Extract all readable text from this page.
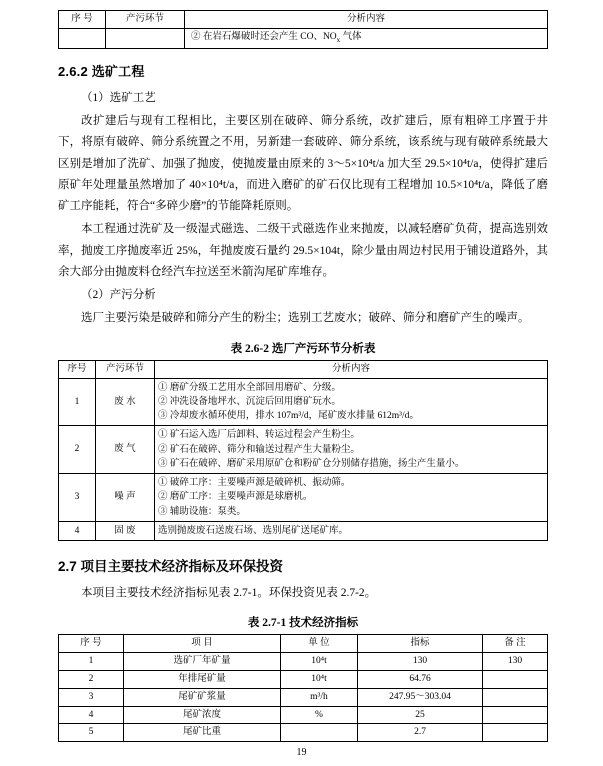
序 号	产污环节	分析内容
		② 在岩石爆破时还会产生 CO、$NO_x$ 气体
2.6.2 选矿工程

（1）选矿工艺

改扩建后与现有工程相比，主要区别在破碎、筛分系统，改扩建后，原有粗碎工序置于井下，将原有破碎、筛分系统置之不用，另新建一套破碎、筛分系统，该系统与现有破碎系统最大区别是增加了洗矿、加强了抛废，使抛废量由原来的 3～5×10⁴t/a 加大至 29.5×10⁴t/a，使得扩建后原矿年处理量虽然增加了 40×10⁴t/a，而进入磨矿的矿石仅比现有工程增加 10.5×10⁴t/a，降低了磨矿工序能耗，符合“多碎少磨”的节能降耗原则。

本工程通过洗矿及一级湿式磁选、二级干式磁选作业来抛废，以减轻磨矿负荷，提高选别效率，抛废工序抛废率近 25%，年抛废废石量约 29.5×104t，除少量由周边村民用于铺设道路外，其余大部分由抛废料仓经汽车拉送至米箭沟尾矿库堆存。

（2）产污分析

选厂主要污染是破碎和筛分产生的粉尘；选别工艺废水；破碎、筛分和磨矿产生的噪声。

表 2.6-2 选厂产污环节分析表
序号	产污环节	分析内容
1	废 水	① 磨矿分级工艺用水全部回用磨矿、分级。
② 冲洗设备地坪水、沉淀后回用磨矿玩水。
③ 冷却废水循环使用，排水 107m³/d，尾矿废水排量 612m³/d。

2	废 气	① 矿石运入选厂后卸料、转运过程会产生粉尘。
② 矿石在破碎、筛分和输送过程产生大量粉尘。
③ 矿石在破碎、磨矿采用原矿仓和粉矿仓分别储存措施，扬尘产生量小。

3	噪 声	① 破碎工序：主要噪声源是破碎机、振动筛。
② 磨矿工序：主要噪声源是球磨机。
③ 辅助设施：泵类。

4	固 废	选别抛废废石送废石场、选别尾矿送尾矿库。
2.7 项目主要技术经济指标及环保投资

本项目主要技术经济指标见表 2.7-1。环保投资见表 2.7-2。

表 2.7-1 技术经济指标
序 号	项 目	单 位	指标	备 注
1	选矿厂年矿量	10⁴t	130	130
2	年排尾矿量	10⁴t	64.76	
3	尾矿矿浆量	m³/h	247.95～303.04	
4	尾矿浓度	%	25	
5	尾矿比重		2.7	
19
